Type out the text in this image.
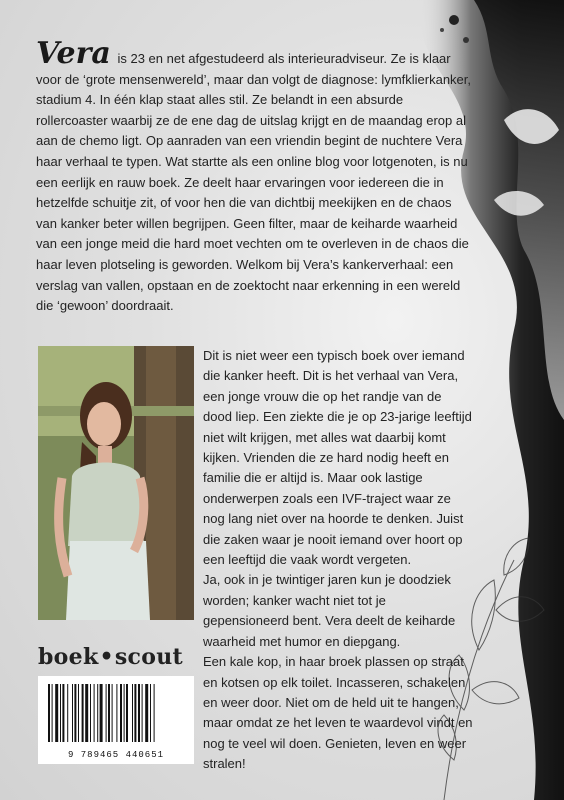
Vera is 23 en net afgestudeerd als interieuradviseur. Ze is klaar voor de ‘grote mensenwereld’, maar dan volgt de diagnose: lymfklierkanker, stadium 4. In één klap staat alles stil. Ze belandt in een absurde rollercoaster waarbij ze de ene dag de uitslag krijgt en de maandag erop al aan de chemo ligt. Op aanraden van een vriendin begint de nuchtere Vera haar verhaal te typen. Wat startte als een online blog voor lotgenoten, is nu een eerlijk en rauw boek. Ze deelt haar ervaringen voor iedereen die in hetzelfde schuitje zit, of voor hen die van dichtbij meekijken en de chaos van kanker beter willen begrijpen. Geen filter, maar de keiharde waarheid van een jonge meid die hard moet vechten om te overleven in de chaos die haar leven plotseling is geworden. Welkom bij Vera’s kankerverhaal: een verslag van vallen, opstaan en de zoektocht naar erkenning in een wereld die ‘gewoon’ doordraait.

Dit is niet weer een typisch boek over iemand die kanker heeft. Dit is het verhaal van Vera, een jonge vrouw die op het randje van de dood liep. Een ziekte die je op 23-jarige leeftijd niet wilt krijgen, met alles wat daarbij komt kijken. Vrienden die ze hard nodig heeft en familie die er altijd is. Maar ook lastige onderwerpen zoals een IVF-traject waar ze nog lang niet over na hoorde te denken. Juist die zaken waar je nooit iemand over hoort op een leeftijd die vaak wordt vergeten.

Ja, ook in je twintiger jaren kun je doodziek worden; kanker wacht niet tot je gepensioneerd bent. Vera deelt de keiharde waarheid met humor en diepgang.

Een kale kop, in haar broek plassen op straat en kotsen op elk toilet. Incasseren, schakelen en weer door. Niet om de held uit te hangen, maar omdat ze het leven te waardevol vindt en nog te veel wil doen. Genieten, leven en weer stralen!

boek•scout
9 789465 440651
